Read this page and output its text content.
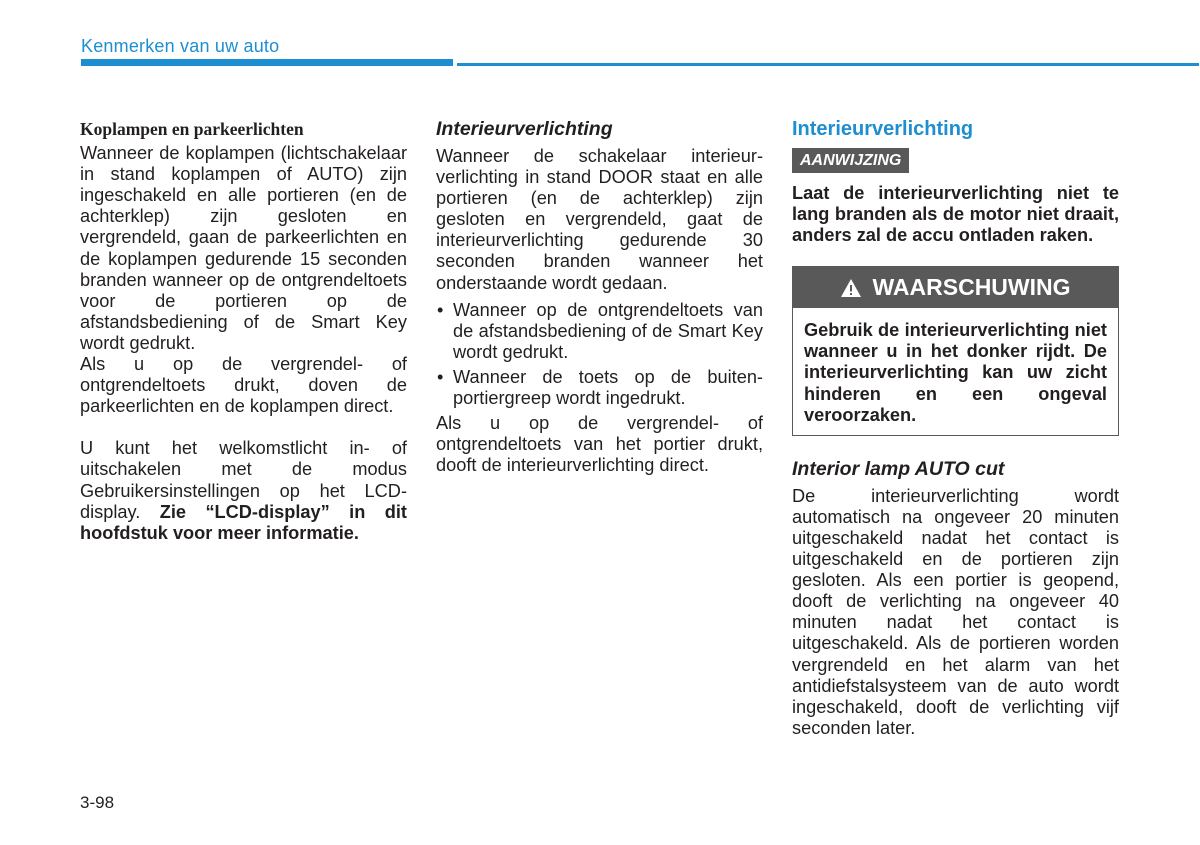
Kenmerken van uw auto
Koplampen en parkeerlichten

Wanneer de koplampen (lichtschakelaar in stand koplampen of AUTO) zijn ingeschakeld en alle portieren (en de achterklep) zijn gesloten en vergrendeld, gaan de parkeerlichten en de koplampen gedurende 15 seconden branden wanneer op de ontgrendeltoets voor de portieren op de afstandsbediening of de Smart Key wordt gedrukt.

Als u op de vergrendel- of ontgrendeltoets drukt, doven de parkeerlichten en de koplampen direct.

U kunt het welkomstlicht in- of uitschakelen met de modus Gebruikersinstellingen op het LCD-display. Zie “LCD-display” in dit hoofdstuk voor meer informatie.

Interieurverlichting

Wanneer de schakelaar interieur-verlichting in stand DOOR staat en alle portieren (en de achterklep) zijn gesloten en vergrendeld, gaat de interieurverlichting gedurende 30 seconden branden wanneer het onderstaande wordt gedaan.

• Wanneer op de ontgrendeltoets van de afstandsbediening of de Smart Key wordt gedrukt.
• Wanneer de toets op de buiten-portiergreep wordt ingedrukt.

Als u op de vergrendel- of ontgrendeltoets van het portier drukt, dooft de interieurverlichting direct.

Interieurverlichting
AANWIJZING

Laat de interieurverlichting niet te lang branden als de motor niet draait, anders zal de accu ontladen raken.

WAARSCHUWING
Gebruik de interieurverlichting niet wanneer u in het donker rijdt. De interieurverlichting kan uw zicht hinderen en een ongeval veroorzaken.
Interior lamp AUTO cut

De interieurverlichting wordt automatisch na ongeveer 20 minuten uitgeschakeld nadat het contact is uitgeschakeld en de portieren zijn gesloten. Als een portier is geopend, dooft de verlichting na ongeveer 40 minuten nadat het contact is uitgeschakeld. Als de portieren worden vergrendeld en het alarm van het antidiefstalsysteem van de auto wordt ingeschakeld, dooft de verlichting vijf seconden later.

3-98
